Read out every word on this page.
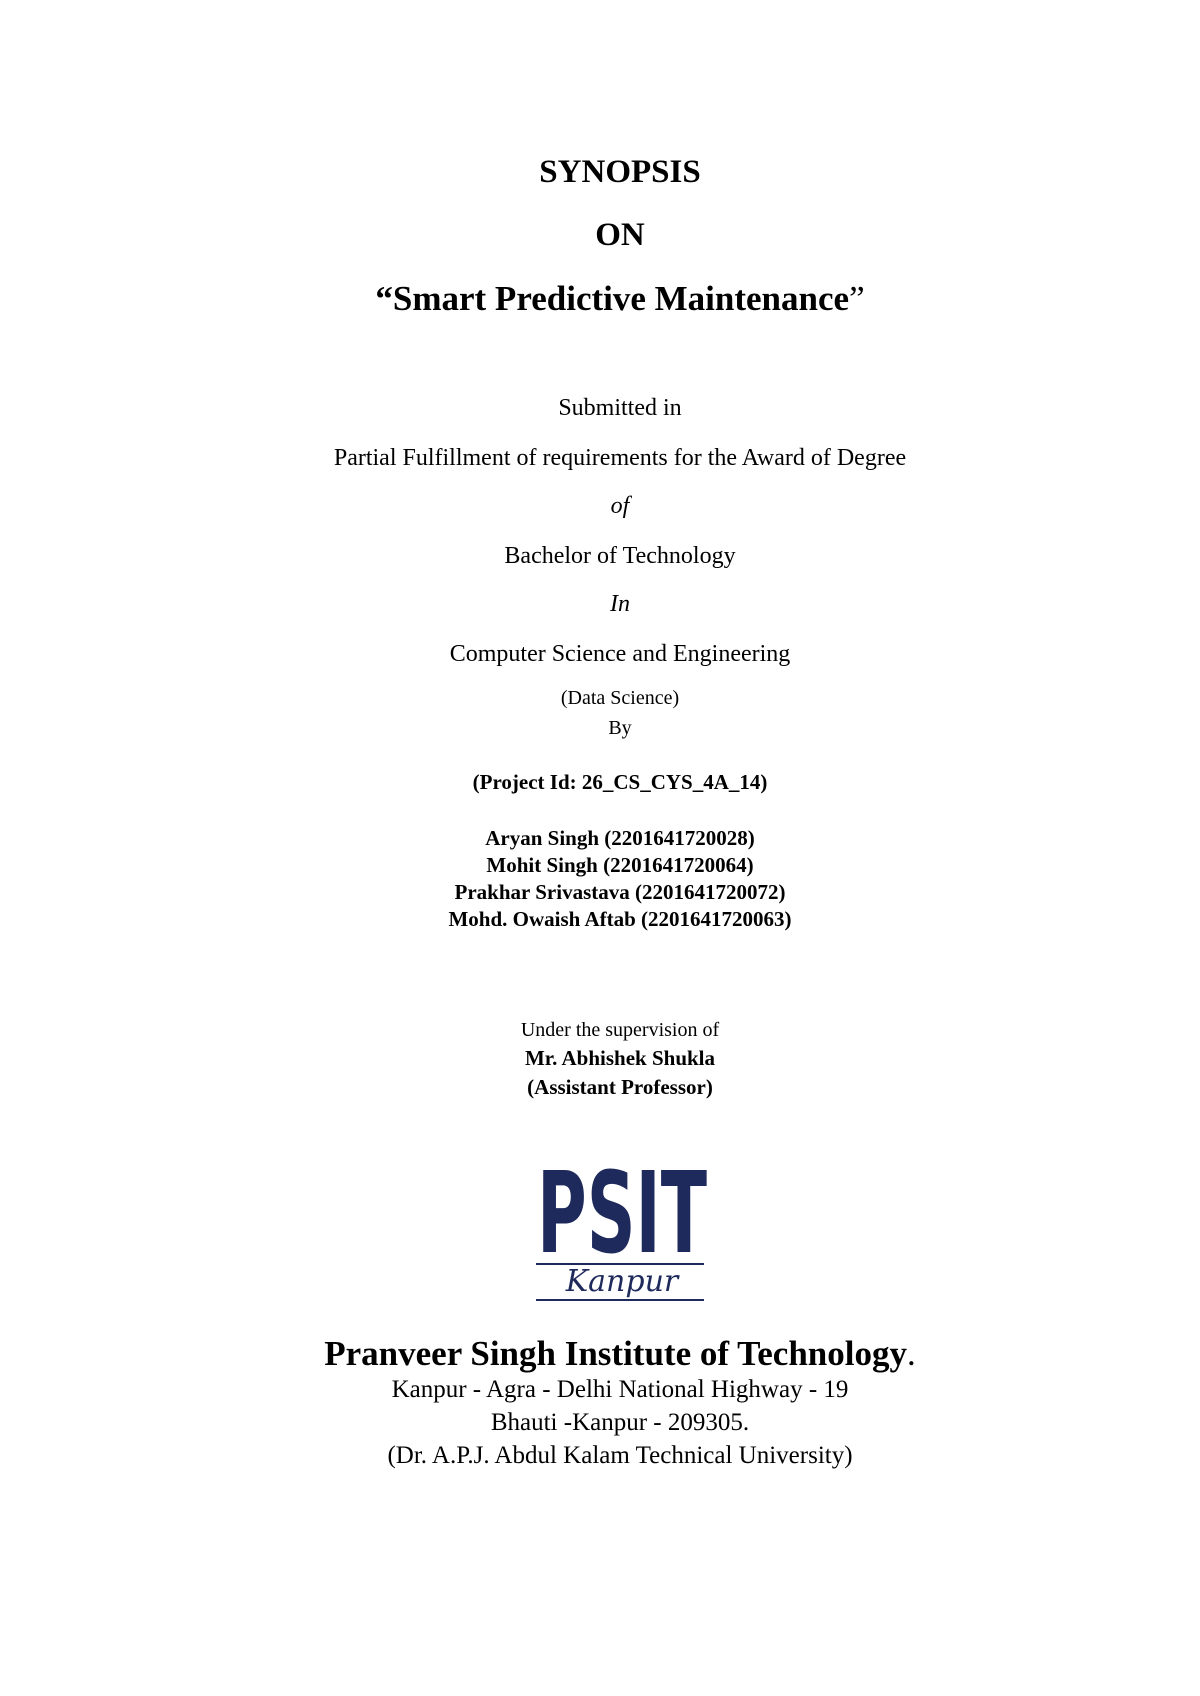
SYNOPSIS
ON
“Smart Predictive Maintenance”
Submitted in
Partial Fulfillment of requirements for the Award of Degree
of
Bachelor of Technology
In
Computer Science and Engineering
(Data Science)
By
(Project Id: 26_CS_CYS_4A_14)
Aryan Singh (2201641720028)
Mohit Singh (2201641720064)
Prakhar Srivastava (2201641720072)
Mohd. Owaish Aftab (2201641720063)
Under the supervision of
Mr. Abhishek Shukla
(Assistant Professor)
PSIT
Kanpur
Pranveer Singh Institute of Technology.
Kanpur - Agra - Delhi National Highway - 19
Bhauti -Kanpur - 209305.
(Dr. A.P.J. Abdul Kalam Technical University)
